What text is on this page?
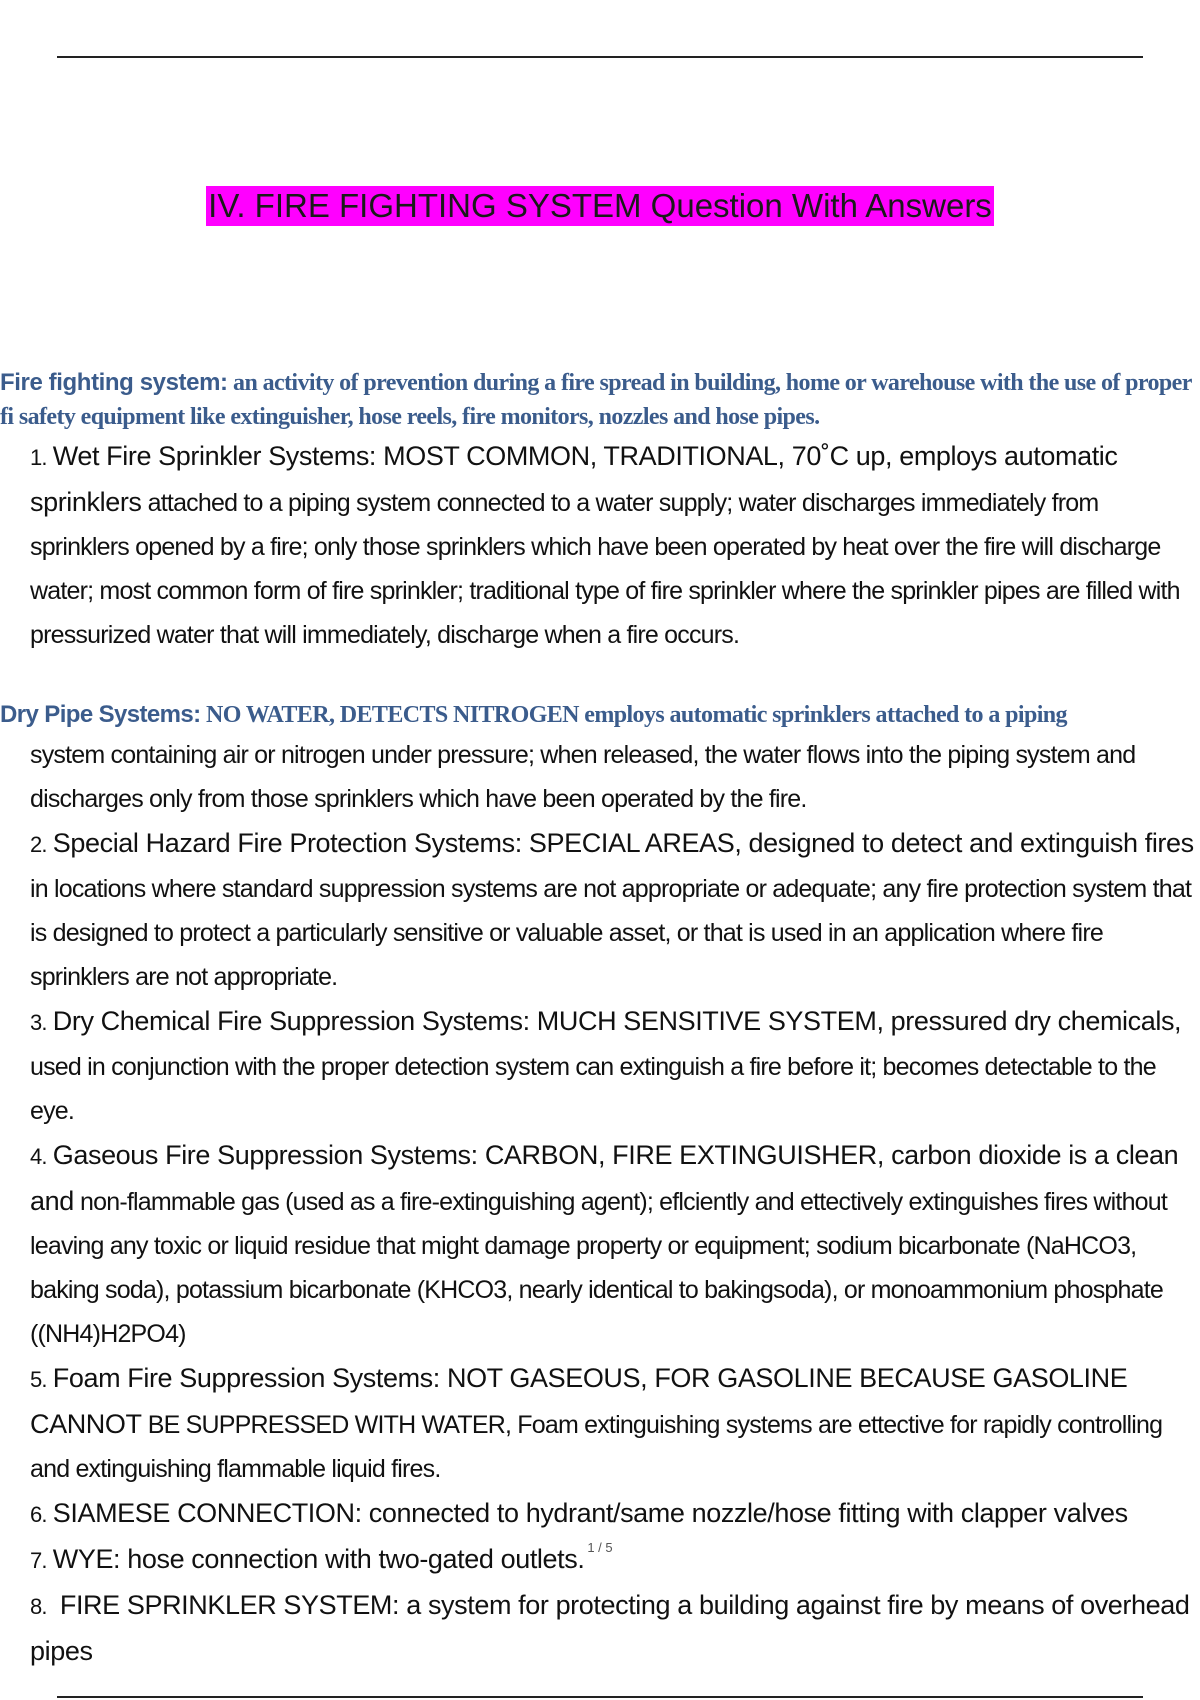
IV. FIRE FIGHTING SYSTEM Question With Answers

Fire fighting system: an activity of prevention during a fire spread in building, home or warehouse with the use of proper fi safety equipment like extinguisher, hose reels, fire monitors, nozzles and hose pipes.

1. Wet Fire Sprinkler Systems: MOST COMMON, TRADITIONAL, 70˚C up, employs automatic sprinklers attached to a piping system connected to a water supply; water discharges immediately from sprinklers opened by a fire; only those sprinklers which have been operated by heat over the fire will discharge water; most common form of fire sprinkler; traditional type of fire sprinkler where the sprinkler pipes are filled with pressurized water that will immediately, discharge when a fire occurs.

Dry Pipe Systems: NO WATER, DETECTS NITROGEN employs automatic sprinklers attached to a piping

system containing air or nitrogen under pressure; when released, the water flows into the piping system and discharges only from those sprinklers which have been operated by the fire.

2. Special Hazard Fire Protection Systems: SPECIAL AREAS, designed to detect and extinguish fires in locations where standard suppression systems are not appropriate or adequate; any fire protection system that is designed to protect a particularly sensitive or valuable asset, or that is used in an application where fire sprinklers are not appropriate.

3. Dry Chemical Fire Suppression Systems: MUCH SENSITIVE SYSTEM, pressured dry chemicals, used in conjunction with the proper detection system can extinguish a fire before it; becomes detectable to the eye.

4. Gaseous Fire Suppression Systems: CARBON, FIRE EXTINGUISHER, carbon dioxide is a clean and non-flammable gas (used as a fire-extinguishing agent); eflciently and ettectively extinguishes fires without leaving any toxic or liquid residue that might damage property or equipment; sodium bicarbonate (NaHCO3, baking soda), potassium bicarbonate (KHCO3, nearly identical to bakingsoda), or monoammonium phosphate ((NH4)H2PO4)

5. Foam Fire Suppression Systems: NOT GASEOUS, FOR GASOLINE BECAUSE GASOLINE CANNOT BE SUPPRESSED WITH WATER, Foam extinguishing systems are ettective for rapidly controlling and extinguishing flammable liquid fires.

6. SIAMESE CONNECTION: connected to hydrant/same nozzle/hose fitting with clapper valves

7. WYE: hose connection with two-gated outlets.

8. FIRE SPRINKLER SYSTEM: a system for protecting a building against fire by means of overhead pipes

1 / 5
